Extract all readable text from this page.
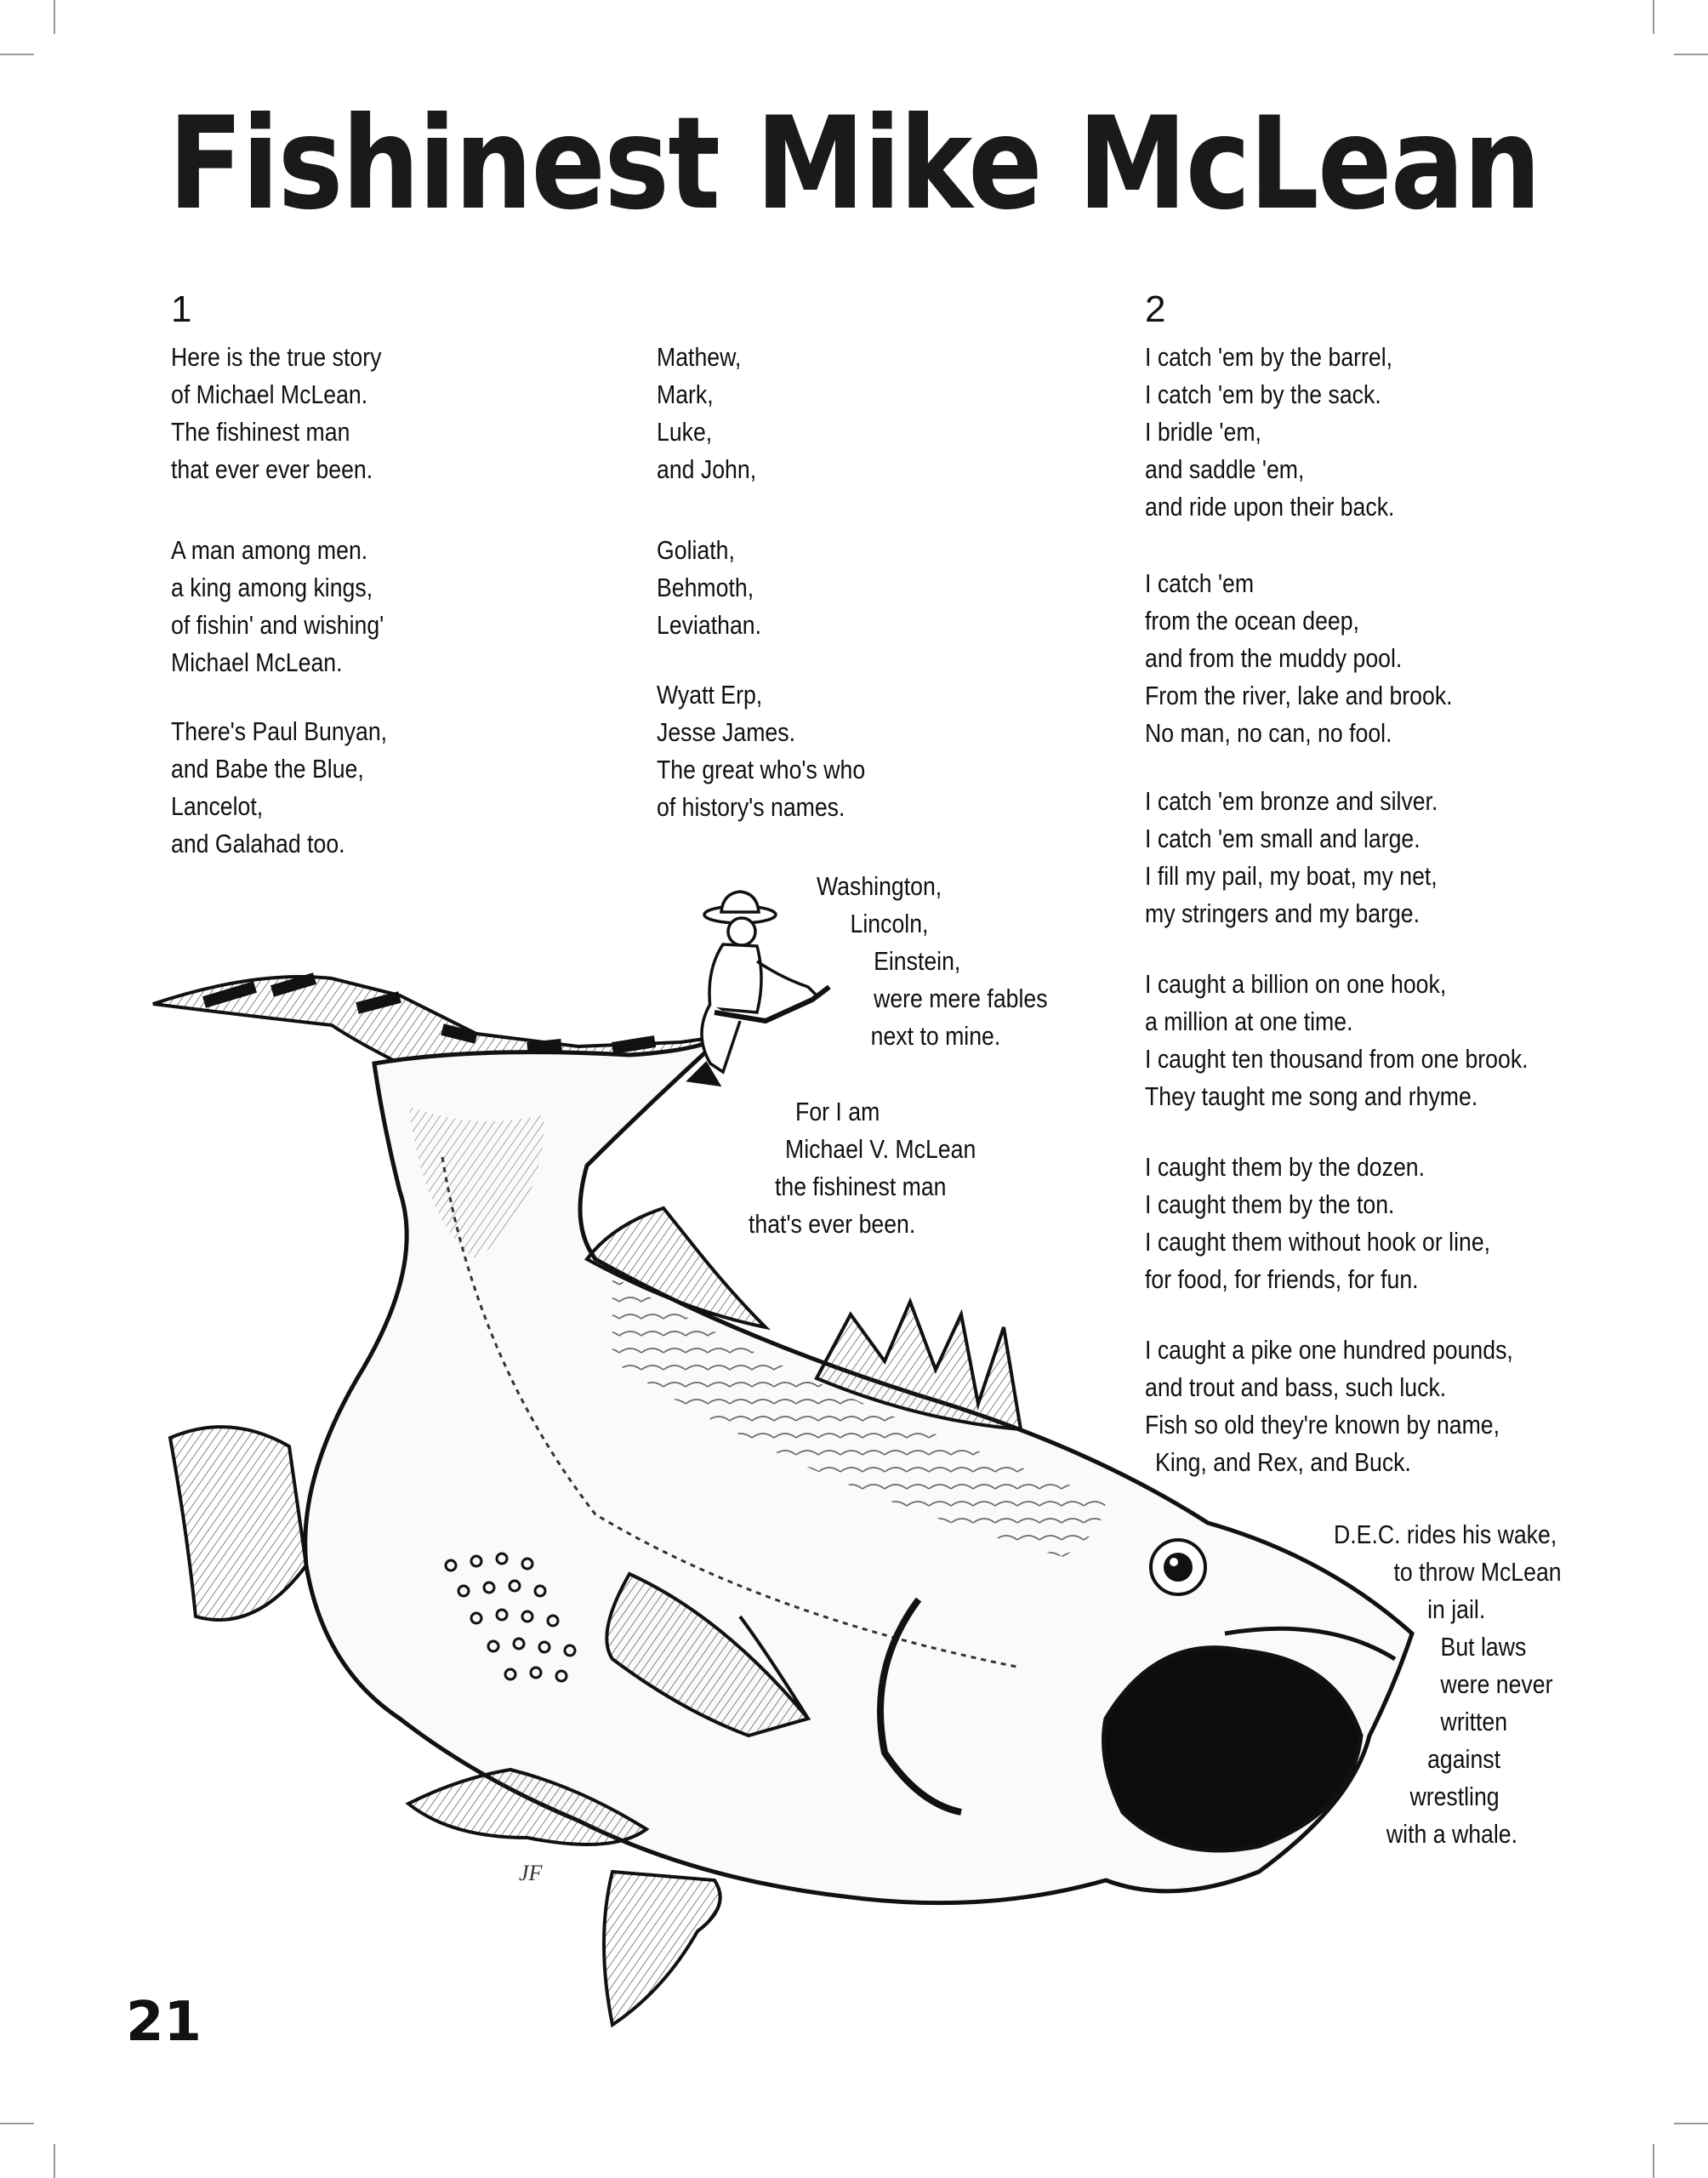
JF
Fishinest Mike McLean
1	2
Here is the true story
of Michael McLean.
The fishinest man
that ever ever been.
A man among men.
a king among kings,
of fishin' and wishing'
Michael McLean.
There's Paul Bunyan,
and Babe the Blue,
Lancelot,
and Galahad too.
Mathew,
Mark,
Luke,
and John,
Goliath,
Behmoth,
Leviathan.
Wyatt Erp,
Jesse James.
The great who's who
of history's names.
Washington,
Lincoln,
Einstein,
were mere fables
next to mine.
For I am
Michael V. McLean
the fishinest man
that's ever been.
I catch 'em by the barrel,
I catch 'em by the sack.
I bridle 'em,
and saddle 'em,
and ride upon their back.
I catch 'em
from the ocean deep,
and from the muddy pool.
From the river, lake and brook.
No man, no can, no fool.
I catch 'em bronze and silver.
I catch 'em small and large.
I fill my pail, my boat, my net,
my stringers and my barge.
I caught a billion on one hook,
a million at one time.
I caught ten thousand from one brook.
They taught me song and rhyme.
I caught them by the dozen.
I caught them by the ton.
I caught them without hook or line,
for food, for friends, for fun.
I caught a pike one hundred pounds,
and trout and bass, such luck.
Fish so old they're known by name,
King, and Rex, and Buck.
D.E.C. rides his wake,
to throw McLean
in jail.
But laws
were never
written
against
wrestling
with a whale.
21
